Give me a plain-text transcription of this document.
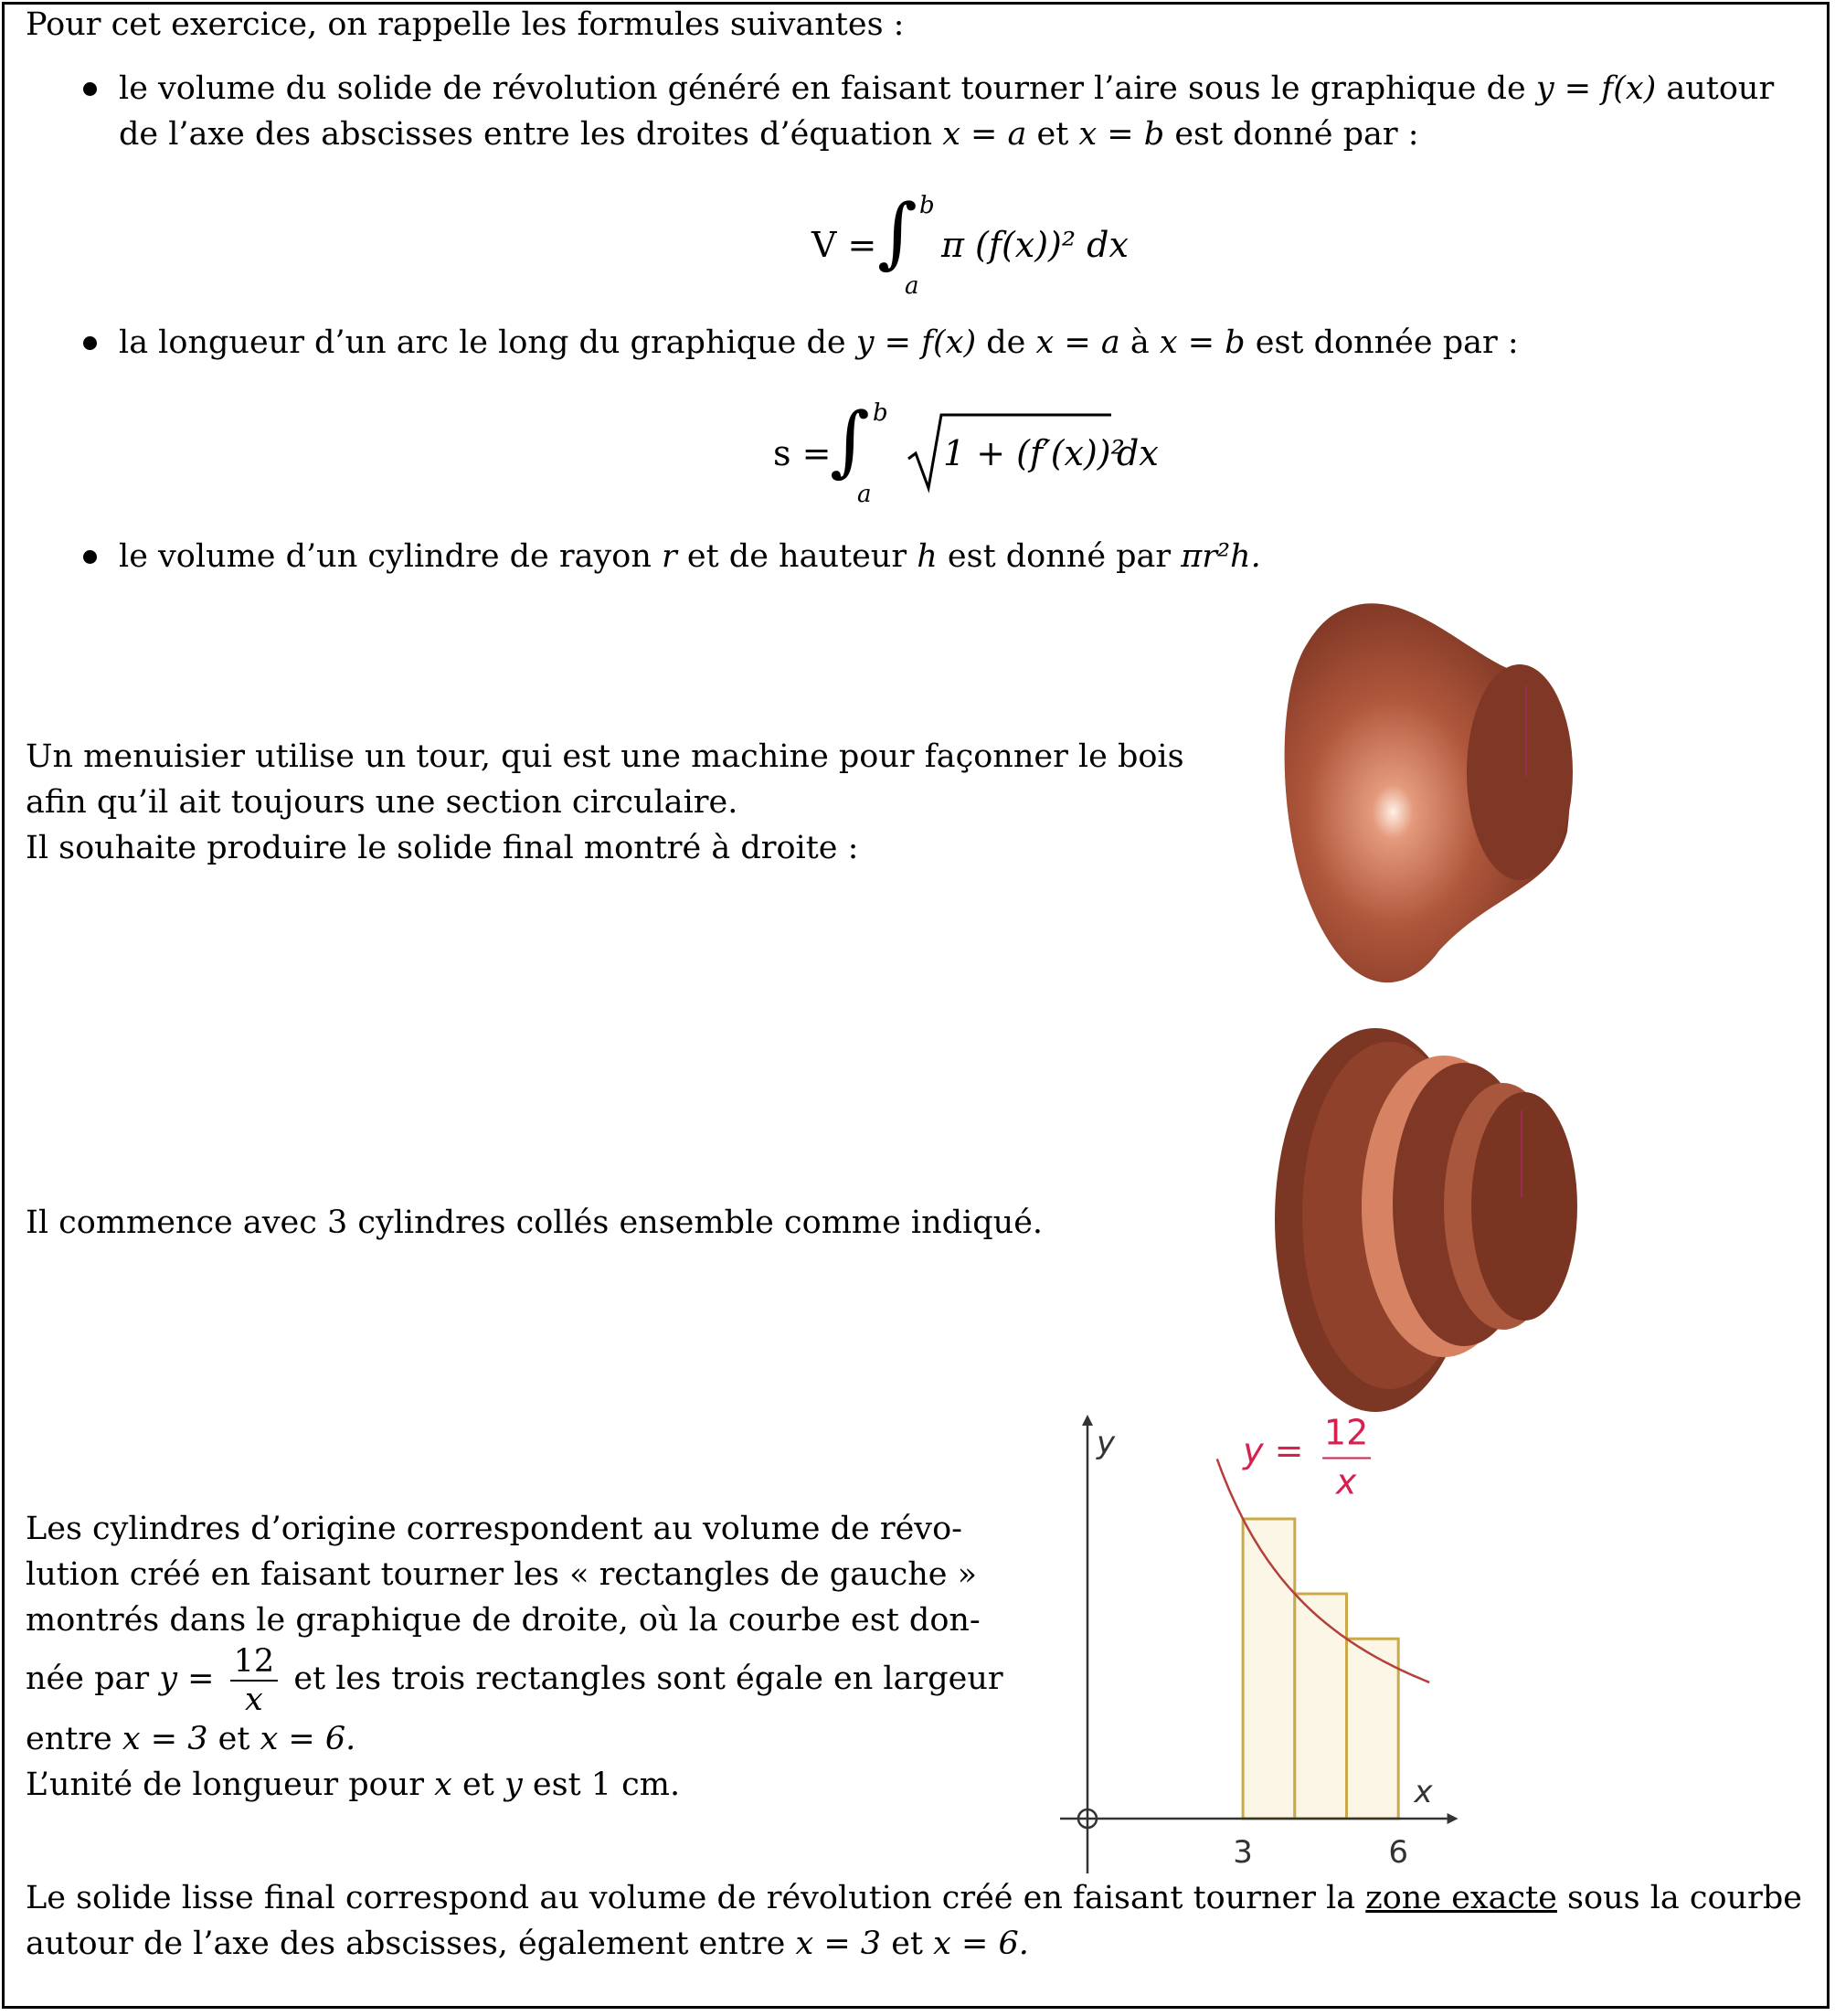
Pour cet exercice, on rappelle les formules suivantes :
le volume du solide de révolution généré en faisant tourner l’aire sous le graphique de y = f(x) autour
de l’axe des abscisses entre les droites d’équation x = a et x = b est donné par :
V = ∫ b
a
π (f(x))² dx
la longueur d’un arc le long du graphique de y = f(x) de x = a à x = b est donnée par :
s =
∫ b
a
1 + (f′(x))²
dx
le volume d’un cylindre de rayon r et de hauteur h est donné par πr²h.
Un menuisier utilise un tour, qui est une machine pour façonner le bois
afin qu’il ait toujours une section circulaire.
Il souhaite produire le solide final montré à droite :
Il commence avec 3 cylindres collés ensemble comme indiqué.
Les cylindres d’origine correspondent au volume de révo-
lution créé en faisant tourner les « rectangles de gauche »
montrés dans le graphique de droite, où la courbe est don-
née par $y = \frac{12}{x}$ et les trois rectangles sont égale en largeur
entre x = 3 et x = 6.
L’unité de longueur pour x et y est 1 cm.
3	6
y
x
y = 12
x
Le solide lisse final correspond au volume de révolution créé en faisant tourner la zone exacte sous la courbe
autour de l’axe des abscisses, également entre x = 3 et x = 6.
